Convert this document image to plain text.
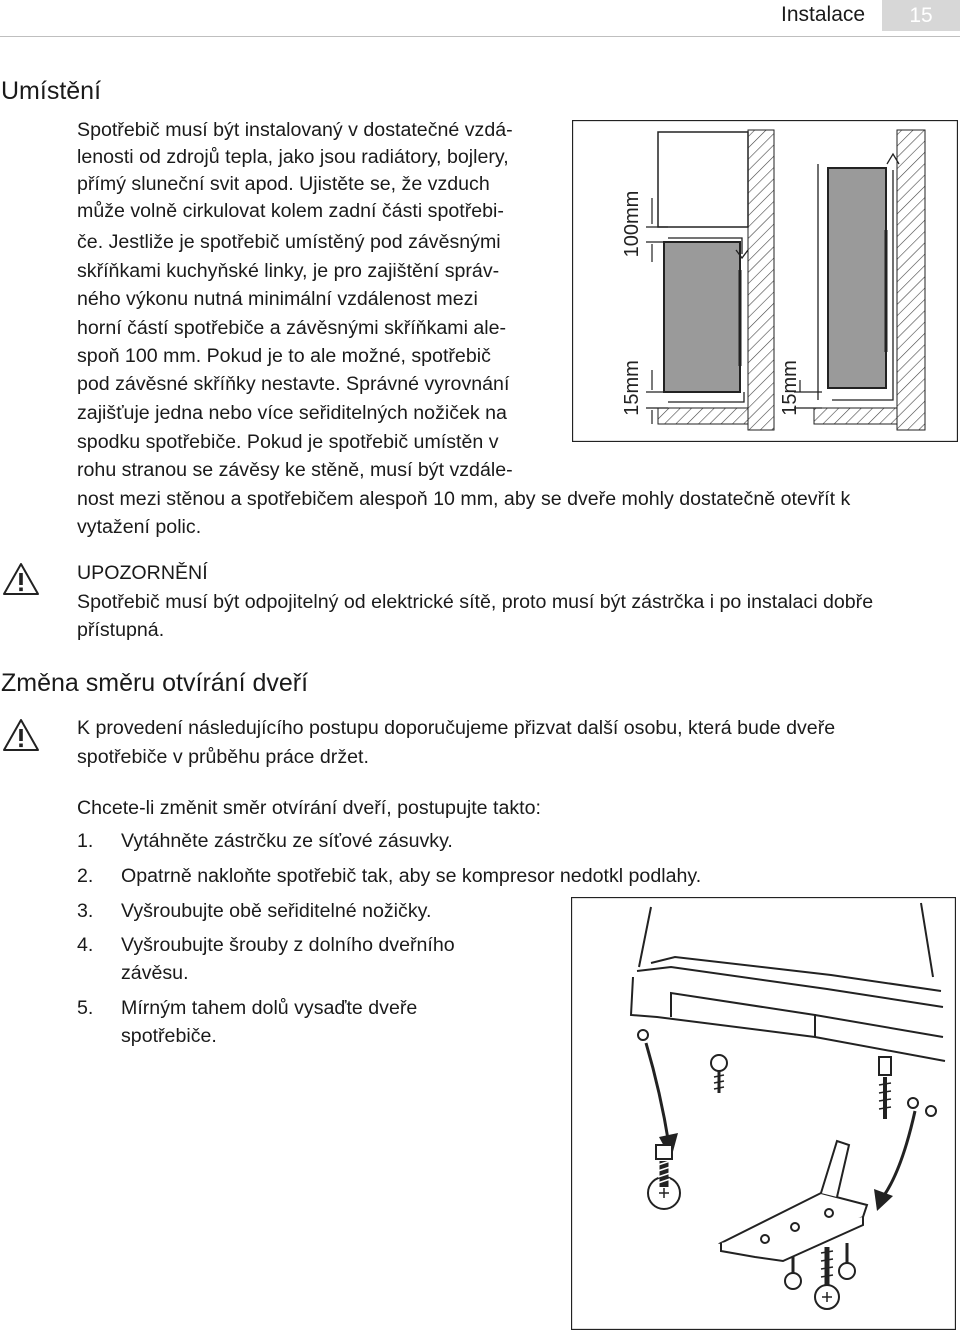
Instalace	15
Umístění
Spotřebič musí být instalovaný v dostatečné vzdá-
lenosti od zdrojů tepla, jako jsou radiátory, bojlery,
přímý sluneční svit apod. Ujistěte se, že vzduch
může volně cirkulovat kolem zadní části spotřebi-
če. Jestliže je spotřebič umístěný pod závěsnými
skříňkami kuchyňské linky, je pro zajištění správ-
ného výkonu nutná minimální vzdálenost mezi
horní částí spotřebiče a závěsnými skříňkami ale-
spoň 100 mm. Pokud je to ale možné, spotřebič
pod závěsné skříňky nestavte. Správné vyrovnání
zajišťuje jedna nebo více seřiditelných nožiček na
spodku spotřebiče. Pokud je spotřebič umístěn v
rohu stranou se závěsy ke stěně, musí být vzdále-
nost mezi stěnou a spotřebičem alespoň 10 mm, aby se dveře mohly dostatečně otevřít k
vytažení polic.
100mm
15mm	15mm
UPOZORNĚNÍ
Spotřebič musí být odpojitelný od elektrické sítě, proto musí být zástrčka i po instalaci dobře
přístupná.
Změna směru otvírání dveří
K provedení následujícího postupu doporučujeme přizvat další osobu, která bude dveře
spotřebiče v průběhu práce držet.
Chcete-li změnit směr otvírání dveří, postupujte takto:
1. Vytáhněte zástrčku ze síťové zásuvky.
2. Opatrně nakloňte spotřebič tak, aby se kompresor nedotkl podlahy.
3. Vyšroubujte obě seřiditelné nožičky.
4. Vyšroubujte šrouby z dolního dveřního
závěsu.
5. Mírným tahem dolů vysaďte dveře
spotřebiče.
